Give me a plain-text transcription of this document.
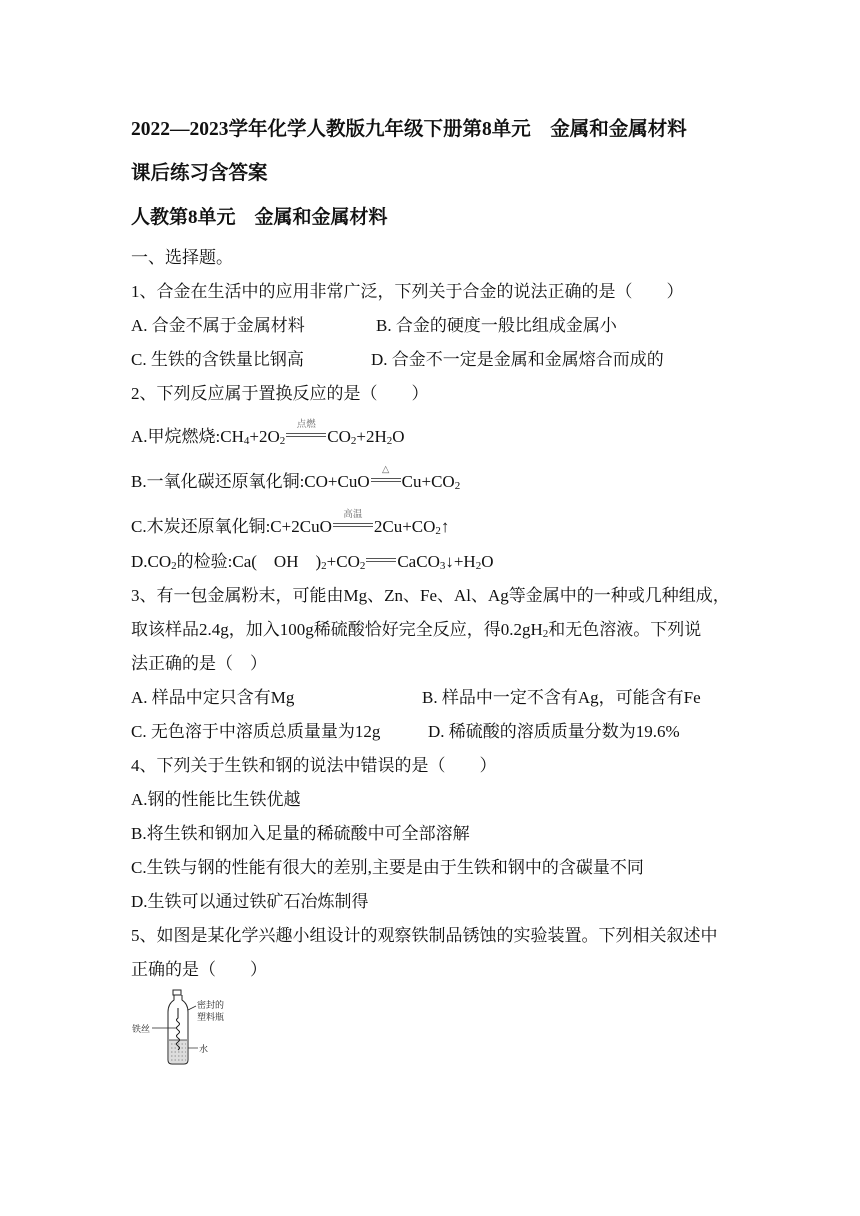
2022—2023学年化学人教版九年级下册第8单元　金属和金属材料
课后练习含答案
人教第8单元　金属和金属材料
一、选择题。
1、合金在生活中的应用非常广泛，下列关于合金的说法正确的是（　　）
A. 合金不属于金属材料	B. 合金的硬度一般比组成金属小
C. 生铁的含铁量比钢高	D. 合金不一定是金属和金属熔合而成的
2、下列反应属于置换反应的是（　　）
A.甲烷燃烧$:CH_4+2O_2$
点燃
$CO_2+2H_2O$
B.一氧化碳还原氧化铜:CO+CuO
△
$Cu+CO_2$
C.木炭还原氧化铜:C+2CuO
高温
$2Cu+CO_2↑$
$D.CO_2$的检验:Ca(　OH　)$_2+CO_2$ $CaCO_3↓+H_2O$
3、有一包金属粉末，可能由Mg、Zn、Fe、Al、Ag等金属中的一种或几种组成，
取该样品2.4g，加入100g稀硫酸恰好完全反应，得$0.2gH_2$和无色溶液。下列说
法正确的是（　）
A. 样品中定只含有Mg	B. 样品中一定不含有Ag，可能含有Fe
C. 无色溶于中溶质总质量量为12g	D. 稀硫酸的溶质质量分数为19.6%
4、下列关于生铁和钢的说法中错误的是（　　）
A.钢的性能比生铁优越
B.将生铁和钢加入足量的稀硫酸中可全部溶解
C.生铁与钢的性能有很大的差别,主要是由于生铁和钢中的含碳量不同
D.生铁可以通过铁矿石冶炼制得
5、如图是某化学兴趣小组设计的观察铁制品锈蚀的实验装置。下列相关叙述中
正确的是（　　）
密封的
塑料瓶
铁丝
水
